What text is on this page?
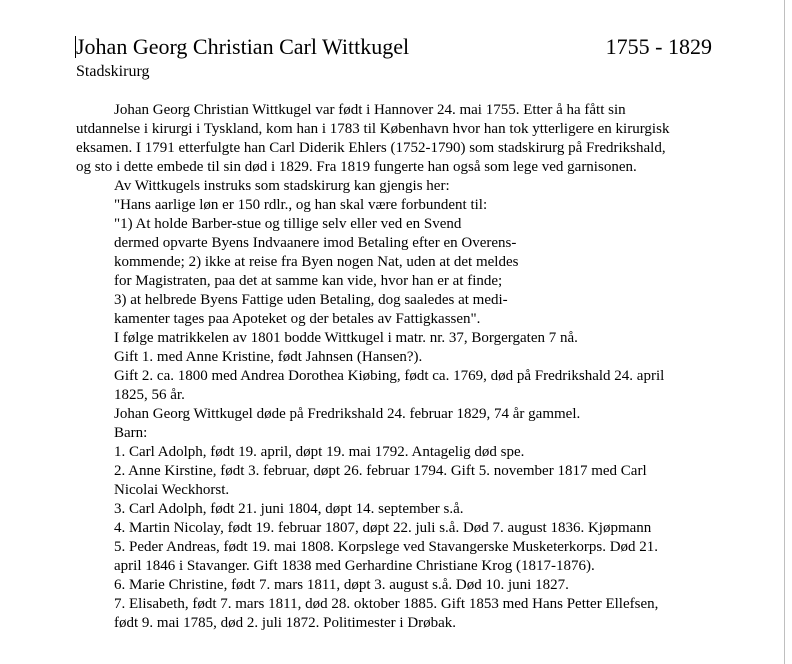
Johan Georg Christian Carl Wittkugel	1755 - 1829
Stadskirurg
Johan Georg Christian Wittkugel var født i Hannover 24. mai 1755. Etter å ha fått sin
utdannelse i kirurgi i Tyskland, kom han i 1783 til København hvor han tok ytterligere en kirurgisk
eksamen. I 1791 etterfulgte han Carl Diderik Ehlers (1752-1790) som stadskirurg på Fredrikshald,
og sto i dette embede til sin død i 1829. Fra 1819 fungerte han også som lege ved garnisonen.
Av Wittkugels instruks som stadskirurg kan gjengis her:
"Hans aarlige løn er 150 rdlr., og han skal være forbundent til:
"1) At holde Barber-stue og tillige selv eller ved en Svend
dermed opvarte Byens Indvaanere imod Betaling efter en Overens-
kommende; 2) ikke at reise fra Byen nogen Nat, uden at det meldes
for Magistraten, paa det at samme kan vide, hvor han er at finde;
3) at helbrede Byens Fattige uden Betaling, dog saaledes at medi-
kamenter tages paa Apoteket og der betales av Fattigkassen".
I følge matrikkelen av 1801 bodde Wittkugel i matr. nr. 37, Borgergaten 7 nå.
Gift 1. med Anne Kristine, født Jahnsen (Hansen?).
Gift 2. ca. 1800 med Andrea Dorothea Kiøbing, født ca. 1769, død på Fredrikshald 24. april
1825, 56 år.
Johan Georg Wittkugel døde på Fredrikshald 24. februar 1829, 74 år gammel.
Barn:
1. Carl Adolph, født 19. april, døpt 19. mai 1792. Antagelig død spe.
2. Anne Kirstine, født 3. februar, døpt 26. februar 1794. Gift 5. november 1817 med Carl
Nicolai Weckhorst.
3. Carl Adolph, født 21. juni 1804, døpt 14. september s.å.
4. Martin Nicolay, født 19. februar 1807, døpt 22. juli s.å. Død 7. august 1836. Kjøpmann
5. Peder Andreas, født 19. mai 1808. Korpslege ved Stavangerske Musketerkorps. Død 21.
april 1846 i Stavanger. Gift 1838 med Gerhardine Christiane Krog (1817-1876).
6. Marie Christine, født 7. mars 1811, døpt 3. august s.å. Død 10. juni 1827.
7. Elisabeth, født 7. mars 1811, død 28. oktober 1885. Gift 1853 med Hans Petter Ellefsen,
født 9. mai 1785, død 2. juli 1872. Politimester i Drøbak.
